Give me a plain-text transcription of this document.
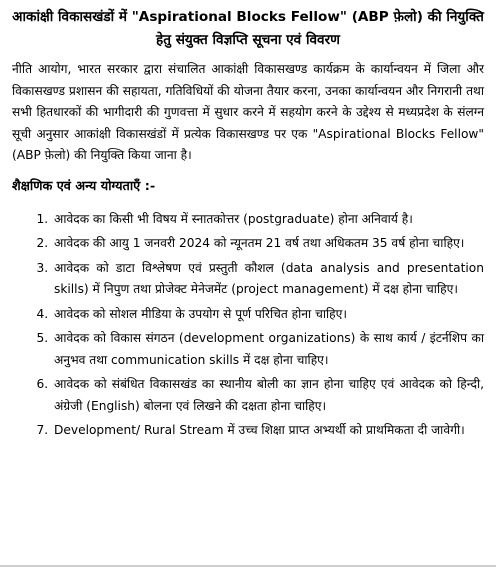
आकांक्षी विकासखंडों में "Aspirational Blocks Fellow" (ABP फ़ेलो) की नियुक्ति
हेतु संयुक्त विज्ञप्ति सूचना एवं विवरण

नीति आयोग, भारत सरकार द्वारा संचालित आकांक्षी विकासखण्ड कार्यक्रम के कार्यान्वयन में जिला और विकासखण्ड प्रशासन की सहायता, गतिविधियों की योजना तैयार करना, उनका कार्यान्वयन और निगरानी तथा सभी हितधारकों की भागीदारी की गुणवत्ता में सुधार करने में सहयोग करने के उद्देश्य से मध्यप्रदेश के संलग्न सूची अनुसार आकांक्षी विकासखंडों में प्रत्येक विकासखण्ड पर एक "Aspirational Blocks Fellow" (ABP फ़ेलो) की नियुक्ति किया जाना है।

शैक्षणिक एवं अन्य योग्यताएँ :-
1. आवेदक का किसी भी विषय में स्नातकोत्तर (postgraduate) होना अनिवार्य है।
2. आवेदक की आयु 1 जनवरी 2024 को न्यूनतम 21 वर्ष तथा अधिकतम 35 वर्ष होना चाहिए।
3. आवेदक को डाटा विश्लेषण एवं प्रस्तुती कौशल (data analysis and presentation skills) में निपुण तथा प्रोजेक्ट मेनेजमेंट (project management) में दक्ष होना चाहिए।
4. आवेदक को सोशल मीडिया के उपयोग से पूर्ण परिचित होना चाहिए।
5. आवेदक को विकास संगठन (development organizations) के साथ कार्य / इंटर्नशिप का अनुभव तथा communication skills में दक्ष होना चाहिए।
6. आवेदक को संबंधित विकासखंड का स्थानीय बोली का ज्ञान होना चाहिए एवं आवेदक को हिन्दी, अंग्रेजी (English) बोलना एवं लिखने की दक्षता होना चाहिए।
7. Development/ Rural Stream में उच्च शिक्षा प्राप्त अभ्यर्थी को प्राथमिकता दी जावेगी।
